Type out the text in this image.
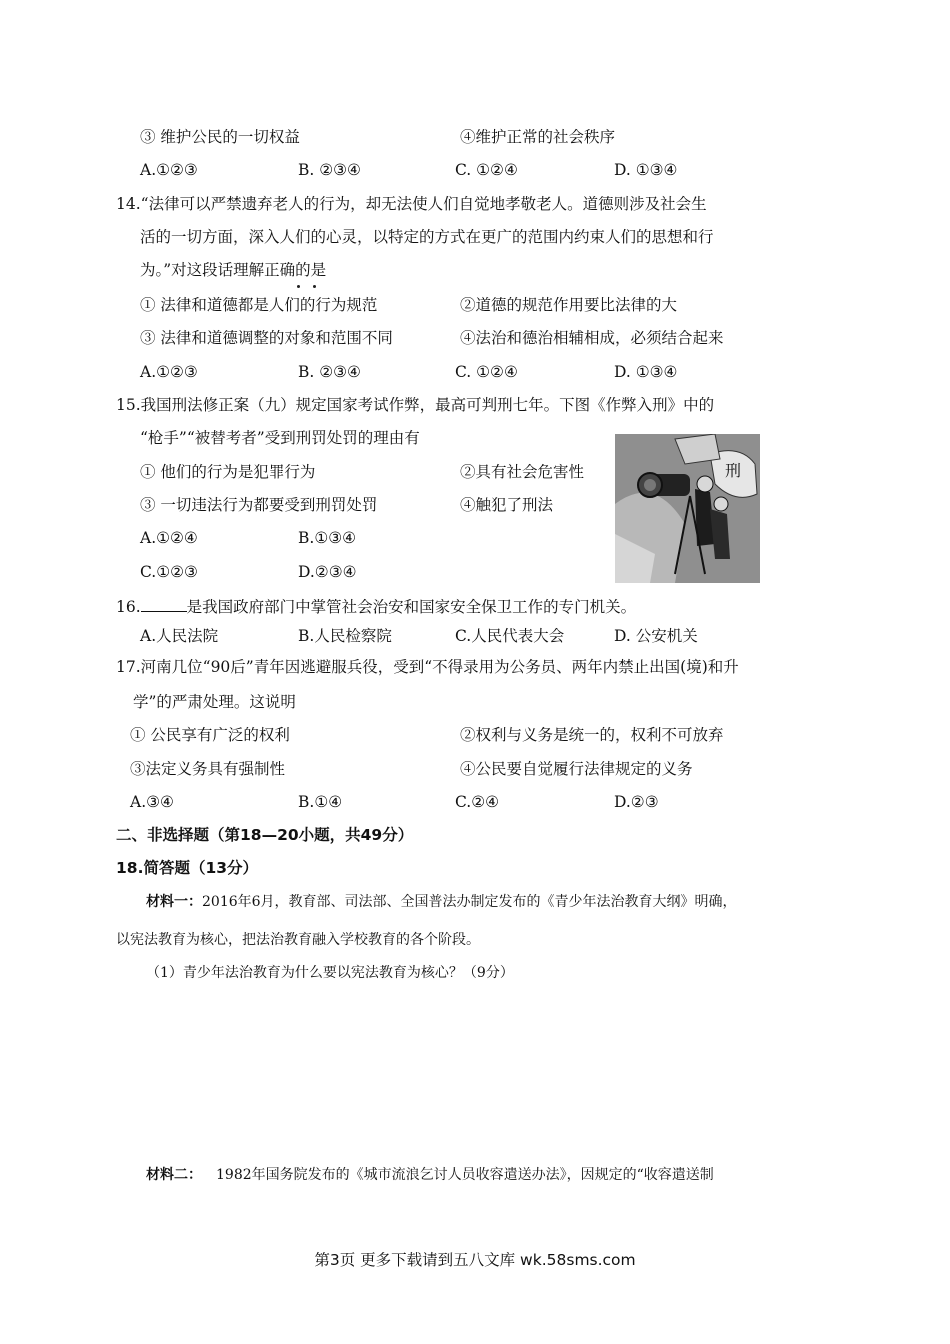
③ 维护公民的一切权益	④维护正常的社会秩序
A.①②③	B. ②③④	C. ①②④	D. ①③④
14.“法律可以严禁遗弃老人的行为，却无法使人们自觉地孝敬老人。道德则涉及社会生
活的一切方面，深入人们的心灵，以特定的方式在更广的范围内约束人们的思想和行
为。”对这段话理解正确的是
① 法律和道德都是人们的行为规范	②道德的规范作用要比法律的大
③ 法律和道德调整的对象和范围不同	④法治和德治相辅相成，必须结合起来
A.①②③	B. ②③④	C. ①②④	D. ①③④
15.我国刑法修正案（九）规定国家考试作弊，最高可判刑七年。下图《作弊入刑》中的
“枪手”“被替考者”受到刑罚处罚的理由有
① 他们的行为是犯罪行为	②具有社会危害性
③ 一切违法行为都要受到刑罚处罚	④触犯了刑法
A.①②④	B.①③④
C.①②③	D.②③④
刑
16.	是我国政府部门中掌管社会治安和国家安全保卫工作的专门机关。
A.人民法院	B.人民检察院	C.人民代表大会	D. 公安机关
17.河南几位“90后”青年因逃避服兵役，受到“不得录用为公务员、两年内禁止出国(境)和升
学”的严肃处理。这说明
① 公民享有广泛的权利	②权利与义务是统一的，权利不可放弃
③法定义务具有强制性	④公民要自觉履行法律规定的义务
A.③④	B.①④	C.②④	D.②③
二、非选择题（第18—20小题，共49分）
18.简答题（13分）
材料一：2016年6月，教育部、司法部、全国普法办制定发布的《青少年法治教育大纲》明确，
以宪法教育为核心，把法治教育融入学校教育的各个阶段。
（1）青少年法治教育为什么要以宪法教育为核心？（9分）
材料二： 1982年国务院发布的《城市流浪乞讨人员收容遣送办法》，因规定的“收容遣送制
第3页 更多下载请到五八文库 wk.58sms.com
